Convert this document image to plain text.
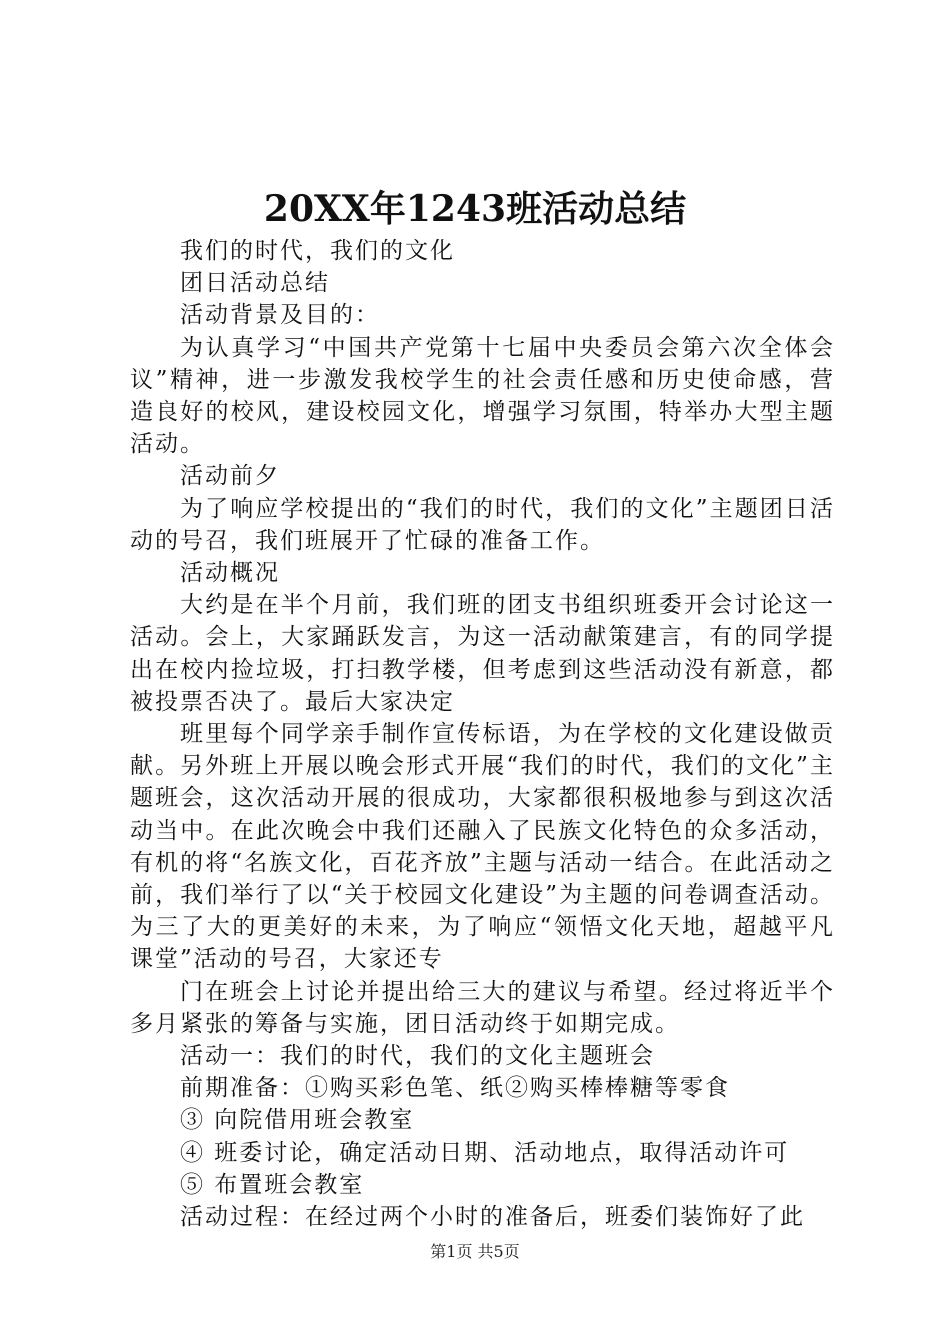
20XX年1243班活动总结

我们的时代，我们的文化

团日活动总结

活动背景及目的：

为认真学习“中国共产党第十七届中央委员会第六次全体会议”精神，进一步激发我校学生的社会责任感和历史使命感，营造良好的校风，建设校园文化，增强学习氛围，特举办大型主题活动。

活动前夕

为了响应学校提出的“我们的时代，我们的文化”主题团日活动的号召，我们班展开了忙碌的准备工作。

活动概况

大约是在半个月前，我们班的团支书组织班委开会讨论这一活动。会上，大家踊跃发言，为这一活动献策建言，有的同学提出在校内捡垃圾，打扫教学楼，但考虑到这些活动没有新意，都被投票否决了。最后大家决定

班里每个同学亲手制作宣传标语，为在学校的文化建设做贡献。另外班上开展以晚会形式开展“我们的时代，我们的文化”主题班会，这次活动开展的很成功，大家都很积极地参与到这次活动当中。在此次晚会中我们还融入了民族文化特色的众多活动，有机的将“名族文化，百花齐放”主题与活动一结合。在此活动之前，我们举行了以“关于校园文化建设”为主题的问卷调查活动。为三了大的更美好的未来，为了响应“领悟文化天地，超越平凡课堂”活动的号召，大家还专

门在班会上讨论并提出给三大的建议与希望。经过将近半个多月紧张的筹备与实施，团日活动终于如期完成。

活动一：我们的时代，我们的文化主题班会

前期准备：①购买彩色笔、纸②购买棒棒糖等零食

③ 向院借用班会教室

④ 班委讨论，确定活动日期、活动地点，取得活动许可

⑤ 布置班会教室

活动过程：在经过两个小时的准备后，班委们装饰好了此

第1页 共5页
